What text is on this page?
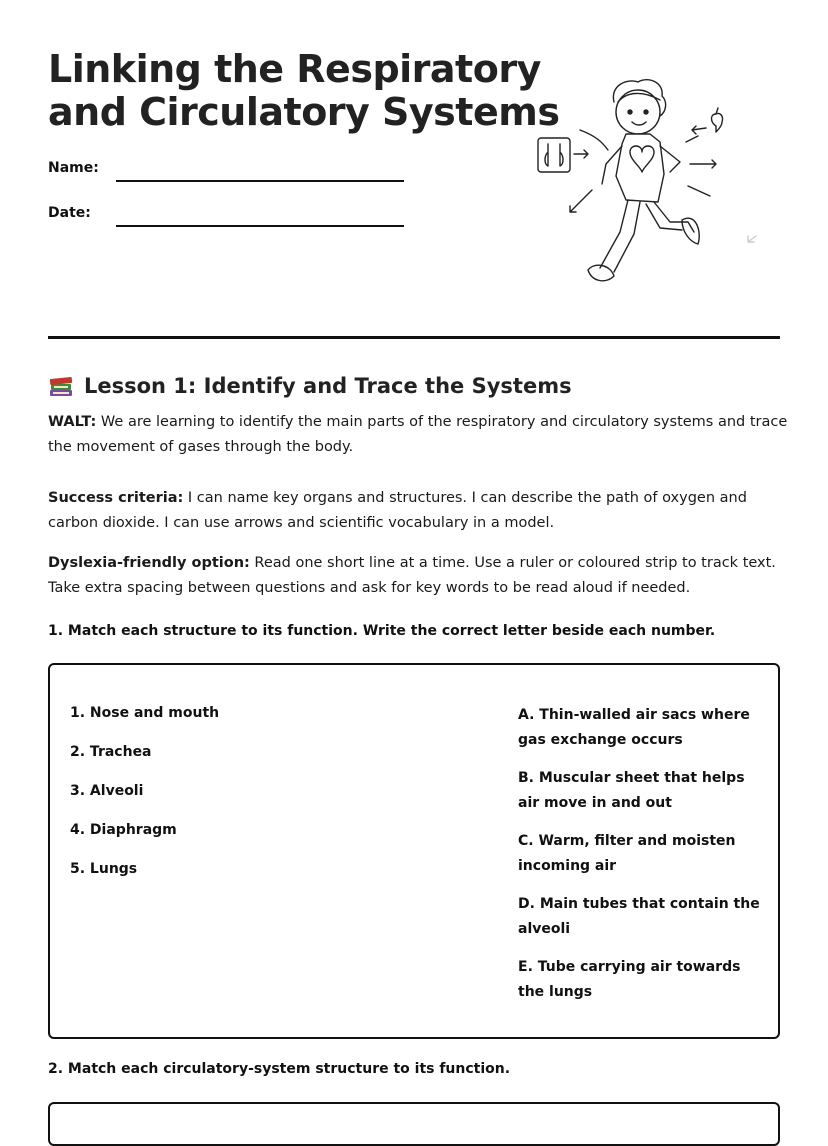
Linking the Respiratory
and Circulatory Systems
Name:
Date:
Lesson 1: Identify and Trace the Systems

WALT: We are learning to identify the main parts of the respiratory and circulatory systems and trace the movement of gases through the body.

Success criteria: I can name key organs and structures. I can describe the path of oxygen and carbon dioxide. I can use arrows and scientific vocabulary in a model.

Dyslexia-friendly option: Read one short line at a time. Use a ruler or coloured strip to track text. Take extra spacing between questions and ask for key words to be read aloud if needed.

1. Match each structure to its function. Write the correct letter beside each number.
1. Nose and mouth
2. Trachea
3. Alveoli
4. Diaphragm
5. Lungs
A. Thin-walled air sacs where gas exchange occurs
B. Muscular sheet that helps air move in and out
C. Warm, filter and moisten incoming air
D. Main tubes that contain the alveoli
E. Tube carrying air towards the lungs
2. Match each circulatory-system structure to its function.
